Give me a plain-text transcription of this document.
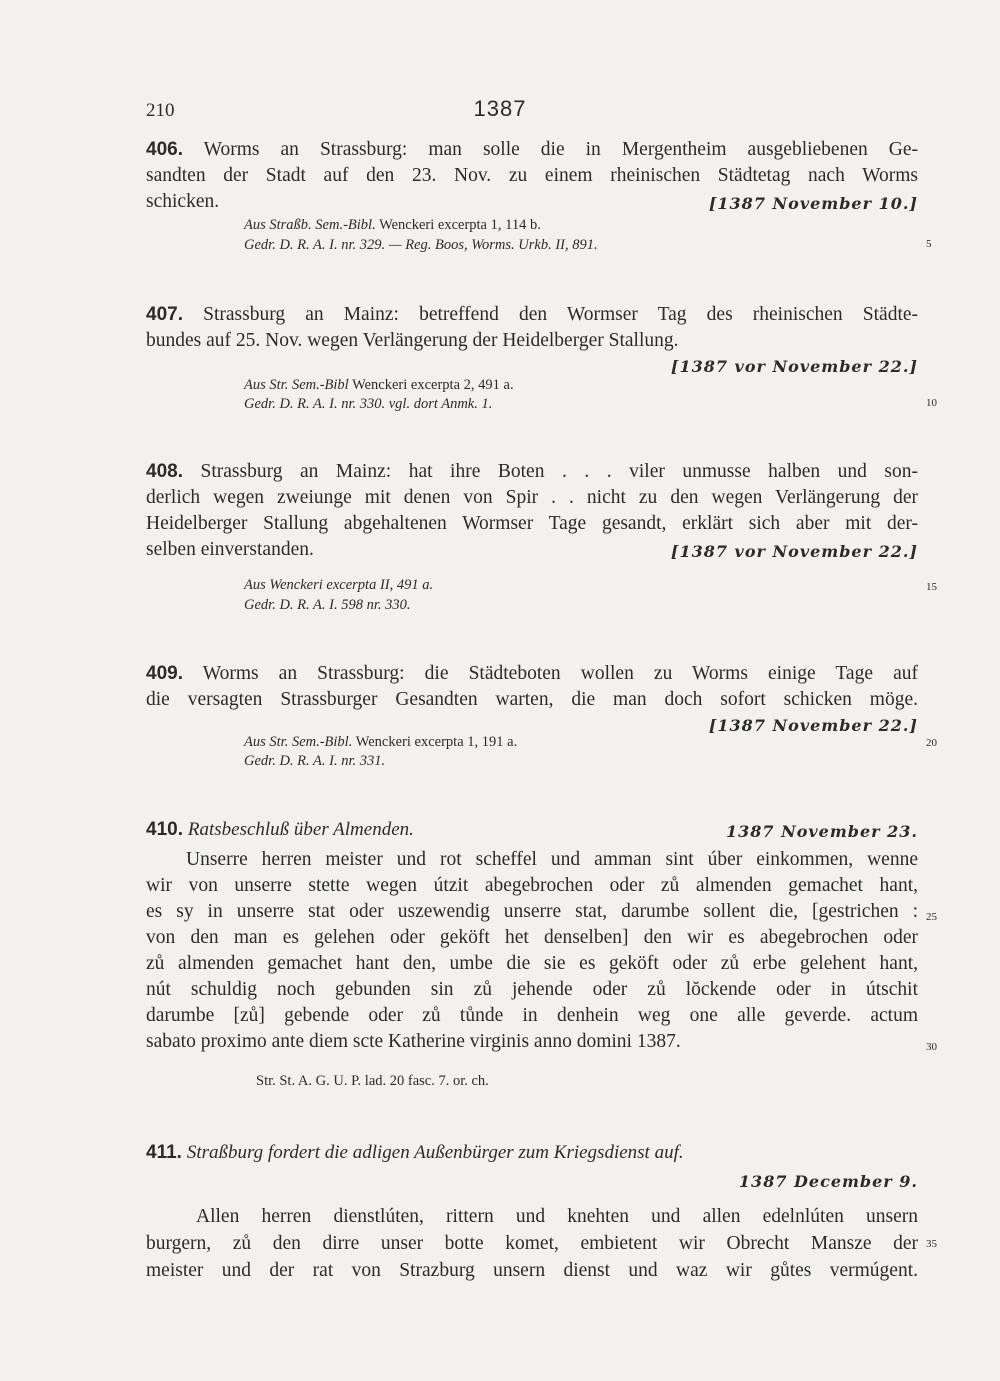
210	1387
5
10
15
20
25
30
35
406. Worms an Strassburg: man solle die in Mergentheim ausgebliebenen Ge-
sandten der Stadt auf den 23. Nov. zu einem rheinischen Städtetag nach Worms
schicken.	[1387 November 10.]
Aus Straßb. Sem.-Bibl. Wenckeri excerpta 1, 114 b.
Gedr. D. R. A. I. nr. 329. — Reg. Boos, Worms. Urkb. II, 891.
407. Strassburg an Mainz: betreffend den Wormser Tag des rheinischen Städte-
bundes auf 25. Nov. wegen Verlängerung der Heidelberger Stallung.
[1387 vor November 22.]
Aus Str. Sem.-Bibl Wenckeri excerpta 2, 491 a.
Gedr. D. R. A. I. nr. 330. vgl. dort Anmk. 1.
408. Strassburg an Mainz: hat ihre Boten . . . viler unmusse halben und son-
derlich wegen zweiunge mit denen von Spir . . nicht zu den wegen Verlängerung der
Heidelberger Stallung abgehaltenen Wormser Tage gesandt, erklärt sich aber mit der-
selben einverstanden.	[1387 vor November 22.]
Aus Wenckeri excerpta II, 491 a.
Gedr. D. R. A. I. 598 nr. 330.
409. Worms an Strassburg: die Städteboten wollen zu Worms einige Tage auf
die versagten Strassburger Gesandten warten, die man doch sofort schicken möge.
[1387 November 22.]
Aus Str. Sem.-Bibl. Wenckeri excerpta 1, 191 a.
Gedr. D. R. A. I. nr. 331.
410. Ratsbeschluß über Almenden.	1387 November 23.
Unserre herren meister und rot scheffel und amman sint úber einkommen, wenne
wir von unserre stette wegen útzit abegebrochen oder zů almenden gemachet hant,
es sy in unserre stat oder uszewendig unserre stat, darumbe sollent die, [gestrichen :
von den man es gelehen oder geköft het denselben] den wir es abegebrochen oder
zů almenden gemachet hant den, umbe die sie es geköft oder zů erbe gelehent hant,
nút schuldig noch gebunden sin zů jehende oder zů lŏckende oder in útschit
darumbe [zů] gebende oder zů tůnde in denhein weg one alle geverde. actum
sabato proximo ante diem scte Katherine virginis anno domini 1387.
Str. St. A. G. U. P. lad. 20 fasc. 7. or. ch.
411. Straßburg fordert die adligen Außenbürger zum Kriegsdienst auf.
1387 December 9.
Allen herren dienstlúten, rittern und knehten und allen edelnlúten unsern
burgern, zů den dirre unser botte komet, embietent wir Obrecht Mansze der
meister und der rat von Strazburg unsern dienst und waz wir gůtes vermúgent.
